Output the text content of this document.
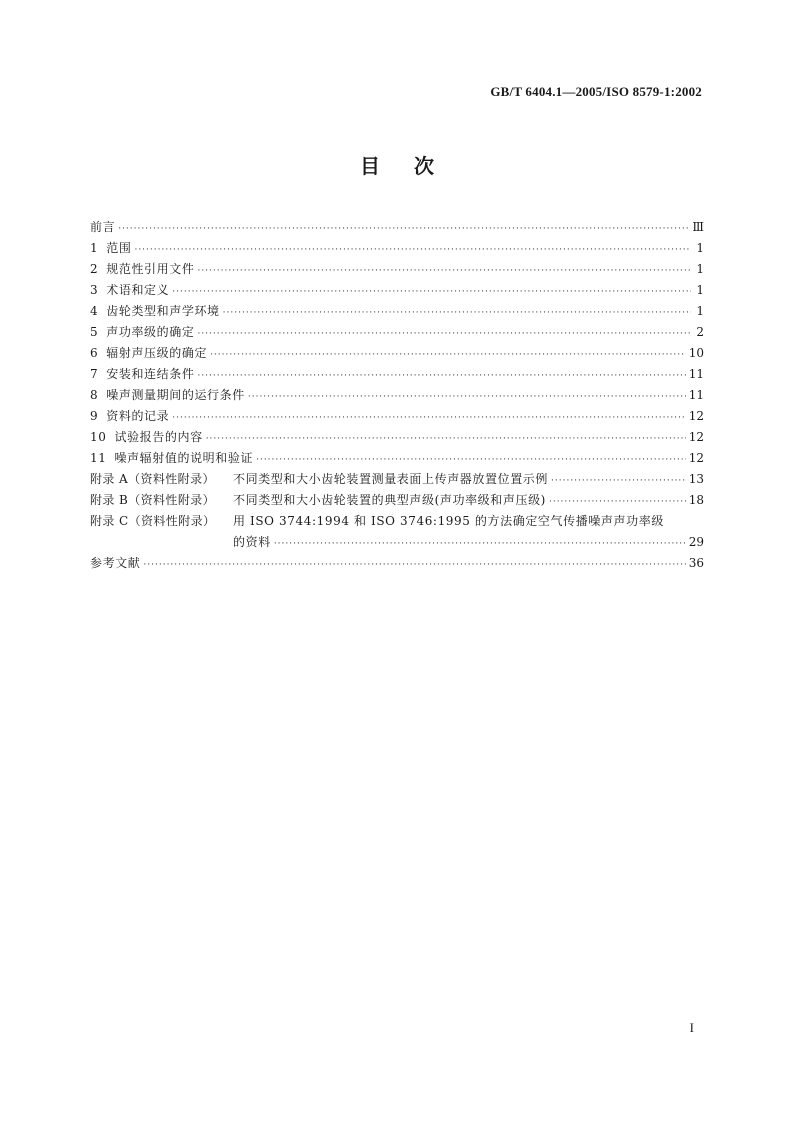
GB/T 6404.1—2005/ISO 8579-1:2002
目次
前言 ·····	Ⅲ
1 范围 ·····	1
2 规范性引用文件 ·····	1
3 术语和定义 ·····	1
4 齿轮类型和声学环境 ·····	1
5 声功率级的确定 ·····	2
6 辐射声压级的确定 ·····	10
7 安装和连结条件 ·····	11
8 噪声测量期间的运行条件 ·····	11
9 资料的记录 ·····	12
10 试验报告的内容 ·····	12
11 噪声辐射值的说明和验证 ·····	12
附录 A（资料性附录） 不同类型和大小齿轮装置测量表面上传声器放置位置示例 ·····	13
附录 B（资料性附录） 不同类型和大小齿轮装置的典型声级(声功率级和声压级) ·····	18
附录 C（资料性附录） 用 ISO 3744:1994 和 ISO 3746:1995 的方法确定空气传播噪声声功率级
的资料 ·····	29
参考文献 ·····	36
I
